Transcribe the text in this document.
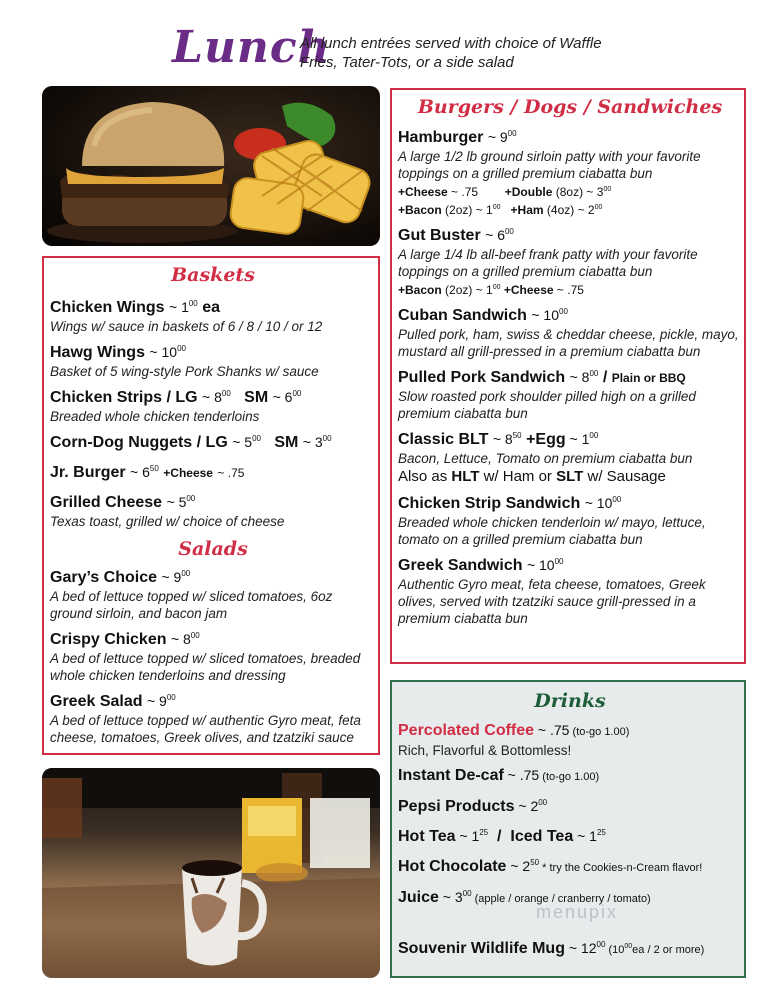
Lunch
All lunch entrées served with choice of Waffle Fries, Tater-Tots, or a side salad
Baskets
Chicken Wings ~ $1^{00}$ ea
Wings w/ sauce in baskets of 6 / 8 / 10 / or 12
Hawg Wings ~ $10^{00}$
Basket of 5 wing-style Pork Shanks w/ sauce
Chicken Strips / LG ~ $8^{00}$ SM ~ $6^{00}$
Breaded whole chicken tenderloins
Corn-Dog Nuggets / LG ~ $5^{00}$ SM ~ $3^{00}$
Jr. Burger ~ $6^{50}$ +Cheese ~ .75
Grilled Cheese ~ $5^{00}$
Texas toast, grilled w/ choice of cheese
Salads
Gary’s Choice ~ $9^{00}$
A bed of lettuce topped w/ sliced tomatoes, 6oz ground sirloin, and bacon jam
Crispy Chicken ~ $8^{00}$
A bed of lettuce topped w/ sliced tomatoes, breaded whole chicken tenderloins and dressing
Greek Salad ~ $9^{00}$
A bed of lettuce topped w/ authentic Gyro meat, feta cheese, tomatoes, Greek olives, and tzatziki sauce
Burgers / Dogs / Sandwiches
Hamburger ~ $9^{00}$
A large 1/2 lb ground sirloin patty with your favorite toppings on a grilled premium ciabatta bun
+Cheese ~ .75 +Double (8oz) ~ $3^{00}$
+Bacon (2oz) ~ $1^{00} +Ham$ (4oz) ~ $2^{00}$
Gut Buster ~ $6^{00}$
A large 1/4 lb all-beef frank patty with your favorite toppings on a grilled premium ciabatta bun
+Bacon (2oz) ~ $1^{00}$ +Cheese ~ .75
Cuban Sandwich ~ $10^{00}$
Pulled pork, ham, swiss & cheddar cheese, pickle, mayo, mustard all grill-pressed in a premium ciabatta bun
Pulled Pork Sandwich ~ $8^{00}$ / Plain or BBQ
Slow roasted pork shoulder pilled high on a grilled premium ciabatta bun
Classic BLT ~ $8^{50} +Egg$ ~ $1^{00}$
Bacon, Lettuce, Tomato on premium ciabatta bun
Also as HLT w/ Ham or SLT w/ Sausage
Chicken Strip Sandwich ~ $10^{00}$
Breaded whole chicken tenderloin w/ mayo, lettuce, tomato on a grilled premium ciabatta bun
Greek Sandwich ~ $10^{00}$
Authentic Gyro meat, feta cheese, tomatoes, Greek olives, served with tzatziki sauce grill-pressed in a premium ciabatta bun
Drinks
Percolated Coffee ~ .75 (to-go 1.00)
Rich, Flavorful & Bottomless!
Instant De-caf ~ .75 (to-go 1.00)
Pepsi Products ~ $2^{00}$
Hot Tea ~ $1^{25}$  /  Iced Tea ~ $1^{25}$
Hot Chocolate ~ $2^{50}$ * try the Cookies-n-Cream flavor!
Juice ~ $3^{00}$ (apple / orange / cranberry / tomato)
Souvenir Wildlife Mug ~ $12^{00}$ ($10^{00}ea / 2$ or more)
menupix
